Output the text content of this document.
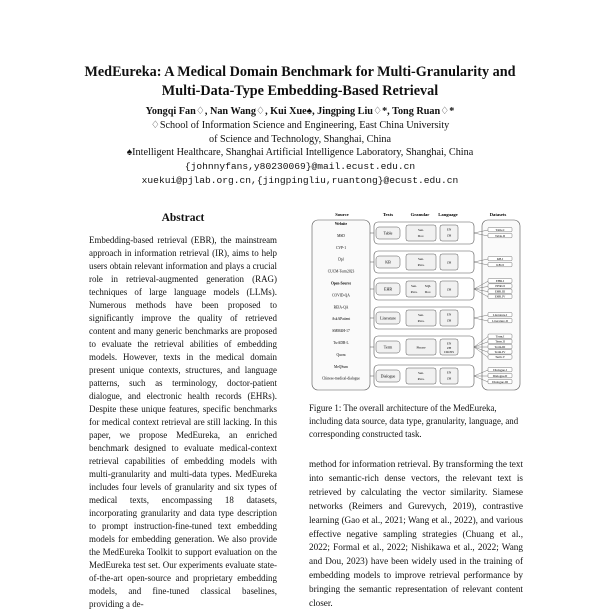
MedEureka: A Medical Domain Benchmark for Multi-Granularity and
Multi-Data-Type Embedding-Based Retrieval
Yongqi Fan♢, Nan Wang♢, Kui Xue♠, Jingping Liu♢*, Tong Ruan♢*
♢School of Information Science and Engineering, East China University
of Science and Technology, Shanghai, China
♠Intelligent Healthcare, Shanghai Artificial Intelligence Laboratory, Shanghai, China
{johnnyfans,y80230069}@mail.ecust.edu.cn
xuekui@pjlab.org.cn,{jingpingliu,ruantong}@ecust.edu.cn
Abstract
Embedding-based retrieval (EBR), the mainstream approach in information retrieval (IR), aims to help users obtain relevant information and plays a crucial role in retrieval-augmented generation (RAG) techniques of large language models (LLMs). Numerous methods have been proposed to significantly improve the quality of retrieved content and many generic benchmarks are proposed to evaluate the retrieval abilities of embedding models. However, texts in the medical domain present unique contexts, structures, and language patterns, such as terminology, doctor-patient dialogue, and electronic health records (EHRs). Despite these unique features, specific benchmarks for medical context retrieval are still lacking. In this paper, we propose MedEureka, an enriched benchmark designed to evaluate medical-context retrieval capabilities of embedding models with multi-granularity and multi-data types. MedEureka includes four levels of granularity and six types of medical texts, encompassing 18 datasets, incorporating granularity and data type description to prompt instruction-fine-tuned text embedding models for embedding generation. We also provide the MedEureka Toolkit to support evaluation on the MedEureka test set. Our experiments evaluate state-of-the-art open-source and proprietary embedding models, and fine-tuned classical baselines, providing a de-
Source	Texts	Granular Language	Datasets
Website
MSD
CVP-1
Dpl
CUCM-Term2023
Open-Source
COVID-QA
REIA-QA
AskAPatient
SMM4H-17
TwADR-L
Quora
MeQSum
Chinese-medical-dialogue
Table
Sen.
Doc.
EN
ZH
KB
Sen.
Para.
ZH
EHR
Sen. SQL
Para. Doc.
ZH
Literature
Sen.
Para.
EN
ZH
Term	Phrase
EN
ZH
CROSS
Dialogue
Sen.
Para.
EN
ZH
Table.I
Table.II
KB.I
KB.II
EHR.I
EHR.II
EHR.III
EHR.IV
Literature.I
Literature.II
Term.I
Term.II
Term.III
Term.IV
Term.V
Dialogue.I
Dialogue.II
Dialogue.III
Figure 1: The overall architecture of the MedEureka, including data source, data type, granularity, language, and corresponding constructed task.
method for information retrieval. By transforming the text into semantic-rich dense vectors, the relevant text is retrieved by calculating the vector similarity. Siamese networks (Reimers and Gurevych, 2019), contrastive learning (Gao et al., 2021; Wang et al., 2022), and various effective negative sampling strategies (Chuang et al., 2022; Formal et al., 2022; Nishikawa et al., 2022; Wang and Dou, 2023) have been widely used in the training of embedding models to improve retrieval performance by bringing the semantic representation of relevant content closer.
